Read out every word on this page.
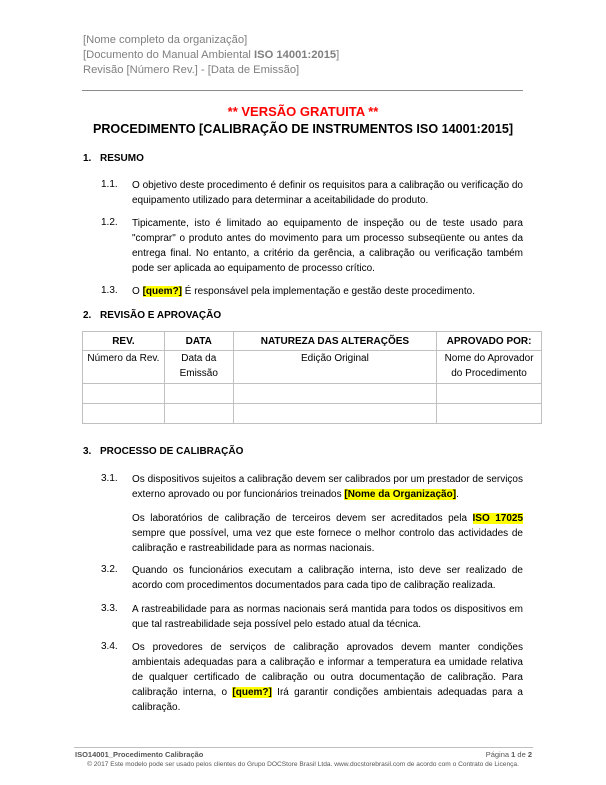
[Nome completo da organização]
[Documento do Manual Ambiental ISO 14001:2015]
Revisão [Número Rev.] - [Data de Emissão]
** VERSÃO GRATUITA **
PROCEDIMENTO [CALIBRAÇÃO DE INSTRUMENTOS ISO 14001:2015]
1. RESUMO
1.1. O objetivo deste procedimento é definir os requisitos para a calibração ou verificação do equipamento utilizado para determinar a aceitabilidade do produto.
1.2. Tipicamente, isto é limitado ao equipamento de inspeção ou de teste usado para "comprar" o produto antes do movimento para um processo subseqüente ou antes da entrega final. No entanto, a critério da gerência, a calibração ou verificação também pode ser aplicada ao equipamento de processo crítico.
1.3. O [quem?] É responsável pela implementação e gestão deste procedimento.
2. REVISÃO E APROVAÇÃO
REV.	DATA	NATUREZA DAS ALTERAÇÕES	APROVADO POR:
Número da Rev.	Data da Emissão	Edição Original	Nome do Aprovador do Procedimento

3. PROCESSO DE CALIBRAÇÃO
3.1. Os dispositivos sujeitos a calibração devem ser calibrados por um prestador de serviços externo aprovado ou por funcionários treinados [Nome da Organização].
Os laboratórios de calibração de terceiros devem ser acreditados pela ISO 17025 sempre que possível, uma vez que este fornece o melhor controlo das actividades de calibração e rastreabilidade para as normas nacionais.
3.2. Quando os funcionários executam a calibração interna, isto deve ser realizado de acordo com procedimentos documentados para cada tipo de calibração realizada.
3.3. A rastreabilidade para as normas nacionais será mantida para todos os dispositivos em que tal rastreabilidade seja possível pelo estado atual da técnica.
3.4. Os provedores de serviços de calibração aprovados devem manter condições ambientais adequadas para a calibração e informar a temperatura ea umidade relativa de qualquer certificado de calibração ou outra documentação de calibração. Para calibração interna, o [quem?] Irá garantir condições ambientais adequadas para a calibração.
ISO14001_Procedimento Calibração	Página 1 de 2
© 2017 Este modelo pode ser usado pelos clientes do Grupo DOCStore Brasil Ltda. www.docstorebrasil.com de acordo com o Contrato de Licença.
